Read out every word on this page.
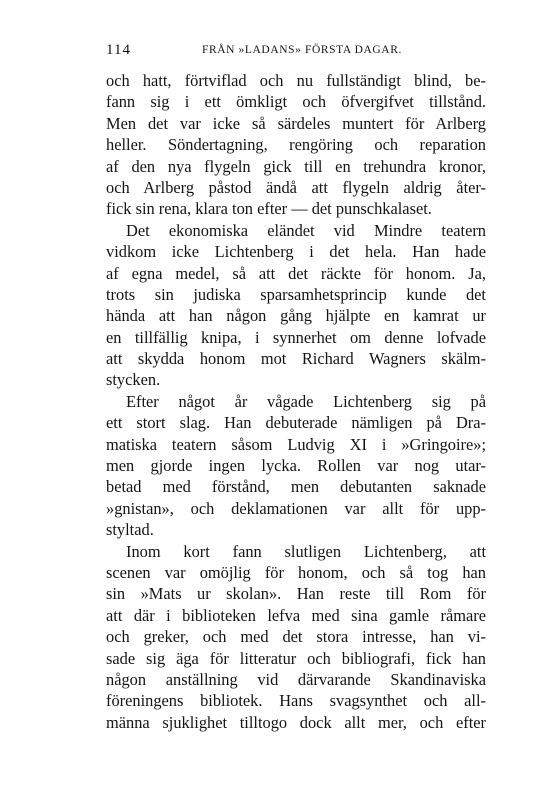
114	FRÅN »LADANS» FÖRSTA DAGAR.
och hatt, förtviflad och nu fullständigt blind, be-
fann sig i ett ömkligt och öfvergifvet tillstånd.
Men det var icke så särdeles muntert för Arlberg
heller. Söndertagning, rengöring och reparation
af den nya flygeln gick till en trehundra kronor,
och Arlberg påstod ändå att flygeln aldrig åter-
fick sin rena, klara ton efter — det punschkalaset.
Det ekonomiska eländet vid Mindre teatern
vidkom icke Lichtenberg i det hela. Han hade
af egna medel, så att det räckte för honom. Ja,
trots sin judiska sparsamhetsprincip kunde det
hända att han någon gång hjälpte en kamrat ur
en tillfällig knipa, i synnerhet om denne lofvade
att skydda honom mot Richard Wagners skälm-
stycken.
Efter något år vågade Lichtenberg sig på
ett stort slag. Han debuterade nämligen på Dra-
matiska teatern såsom Ludvig XI i »Gringoire»;
men gjorde ingen lycka. Rollen var nog utar-
betad med förstånd, men debutanten saknade
»gnistan», och deklamationen var allt för upp-
styltad.
Inom kort fann slutligen Lichtenberg, att
scenen var omöjlig för honom, och så tog han
sin »Mats ur skolan». Han reste till Rom för
att där i biblioteken lefva med sina gamle råmare
och greker, och med det stora intresse, han vi-
sade sig äga för litteratur och bibliografi, fick han
någon anställning vid därvarande Skandinaviska
föreningens bibliotek. Hans svagsynthet och all-
männa sjuklighet tilltogo dock allt mer, och efter
